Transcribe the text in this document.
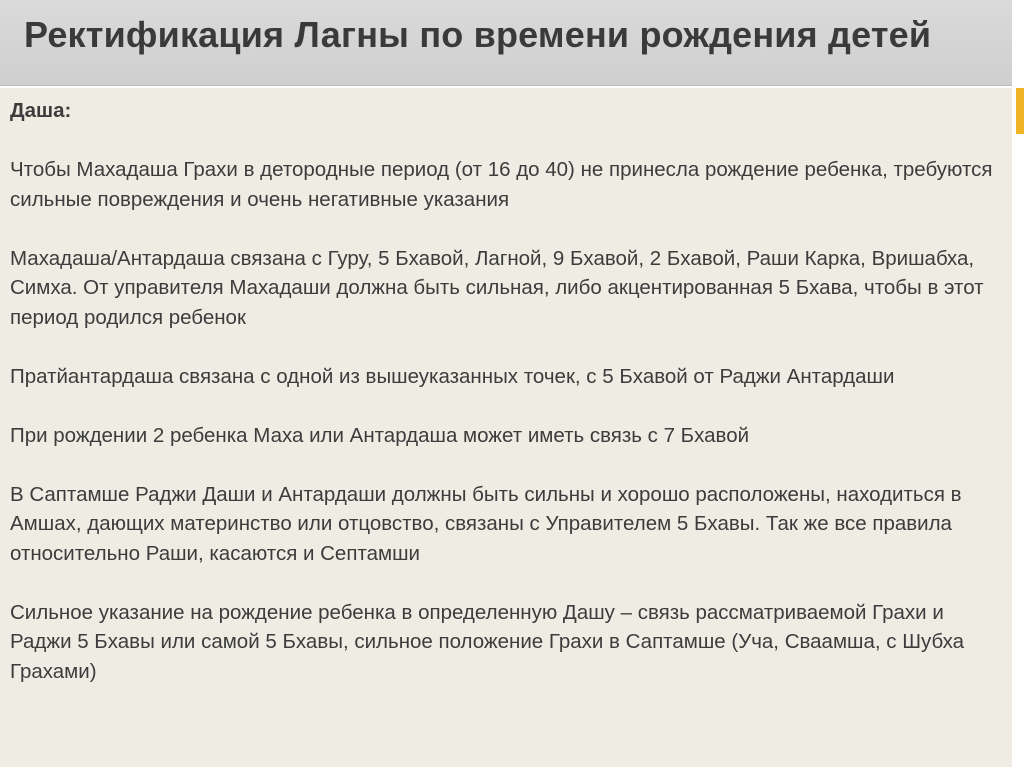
Ректификация Лагны по времени рождения детей
Даша:

Чтобы Махадаша Грахи в детородные период (от 16 до 40) не принесла рождение ребенка, требуются сильные повреждения и очень негативные указания

Махадаша/Антардаша связана с Гуру, 5 Бхавой, Лагной, 9 Бхавой, 2 Бхавой, Раши Карка, Вришабха, Симха. От управителя Махадаши должна быть сильная, либо акцентированная 5 Бхава, чтобы в этот период родился ребенок

Пратйантардаша связана с одной из вышеуказанных точек, с 5 Бхавой от Раджи Антардаши

При рождении 2 ребенка Маха или Антардаша может иметь связь с 7 Бхавой

В Саптамше Раджи Даши и Антардаши должны быть сильны и хорошо расположены, находиться в Амшах, дающих материнство или отцовство, связаны с Управителем 5 Бхавы. Так же все правила относительно Раши, касаются и Септамши

Сильное указание на рождение ребенка в определенную Дашу – связь рассматриваемой Грахи и Раджи 5 Бхавы или самой 5 Бхавы, сильное положение Грахи в Саптамше (Уча, Сваамша, с Шубха Грахами)
